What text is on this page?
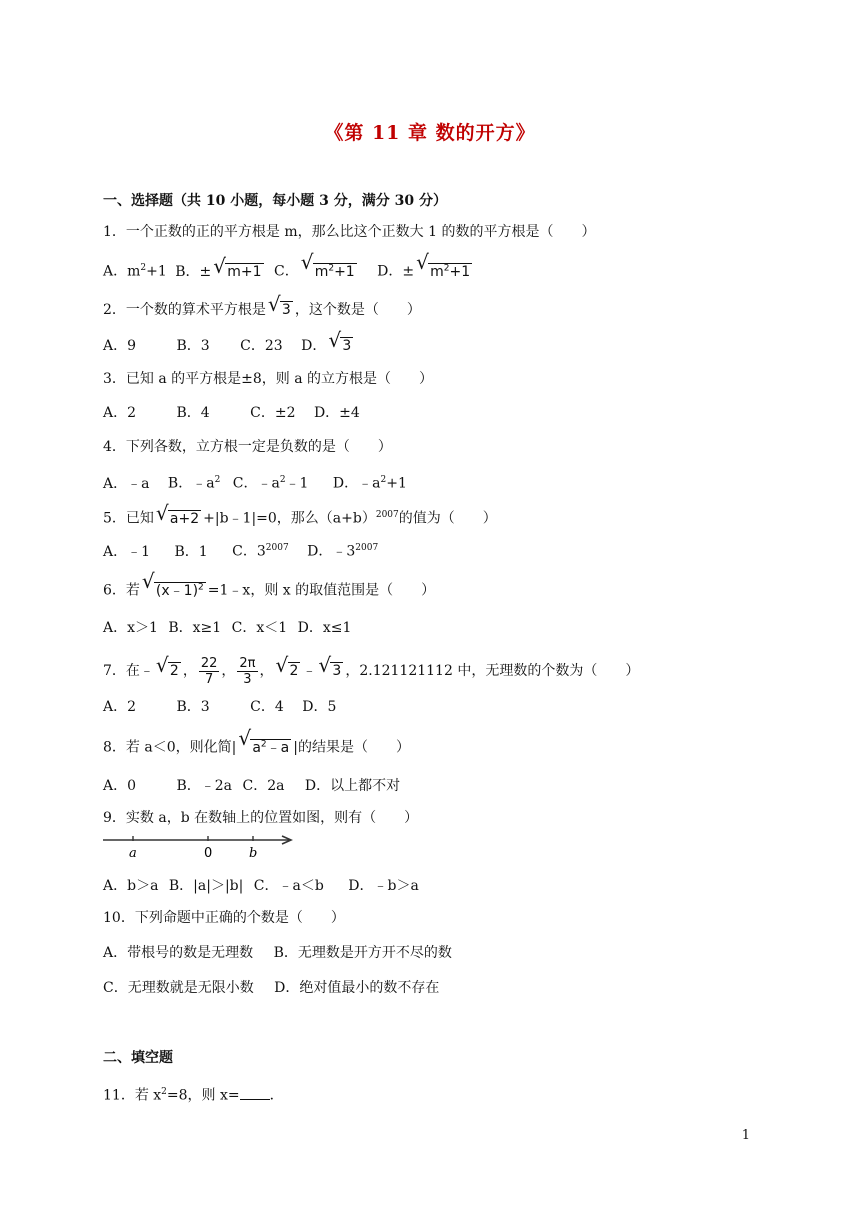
《第 11 章 数的开方》
一、选择题（共 10 小题，每小题 3 分，满分 30 分）
1．一个正数的正的平方根是 m，那么比这个正数大 1 的数的平方根是（　　）
A．$m^2+1$ B．± √ m+1 C． √ $m^2+1$ D．± √ $m^2+1$
2．一个数的算术平方根是 √ 3 ，这个数是（　　）
A．9	B．3 C．23 D． √ 3
3．已知 a 的平方根是±8，则 a 的立方根是（　　）
A．2	B．4	C．±2 D．±4
4．下列各数，立方根一定是负数的是（　　）
A．﹣a B．$﹣a^2$ C．$﹣a^2﹣1$ D．$﹣a^2+1$
5．已知 √ a+2 +|b﹣1|=0，那么$(a+b)^{2007}$的值为（　　）
A．﹣1 B．1 C．$3^{2007}$ D．$﹣3^{2007}$
6．若 √ (x﹣1)$^2$ =1﹣x，则 x 的取值范围是（　　）
A．x＞1 B．x≥1 C．x＜1 D．x≤1
7．在﹣ √ 2 ， $\frac{22}{7}$ ， $\frac{2\pi}{3}$ ， √ 2 ﹣ √ 3 ，2.121121112 中，无理数的个数为（　　）
A．2	B．3	C．4 D．5
8．若 a＜0，则化简| √ $a^2﹣a$ |的结果是（　　）
A．0	B．﹣2a C．2a D．以上都不对
9．实数 a，b 在数轴上的位置如图，则有（　　）
a	0	b
A．b＞a B．|a|＞|b| C．﹣a＜b D．﹣b＞a
10．下列命题中正确的个数是（　　）
A．带根号的数是无理数 B．无理数是开方开不尽的数
C．无理数就是无限小数 D．绝对值最小的数不存在
二、填空题
11．若 $x^2=8$，则 x= ．
1
